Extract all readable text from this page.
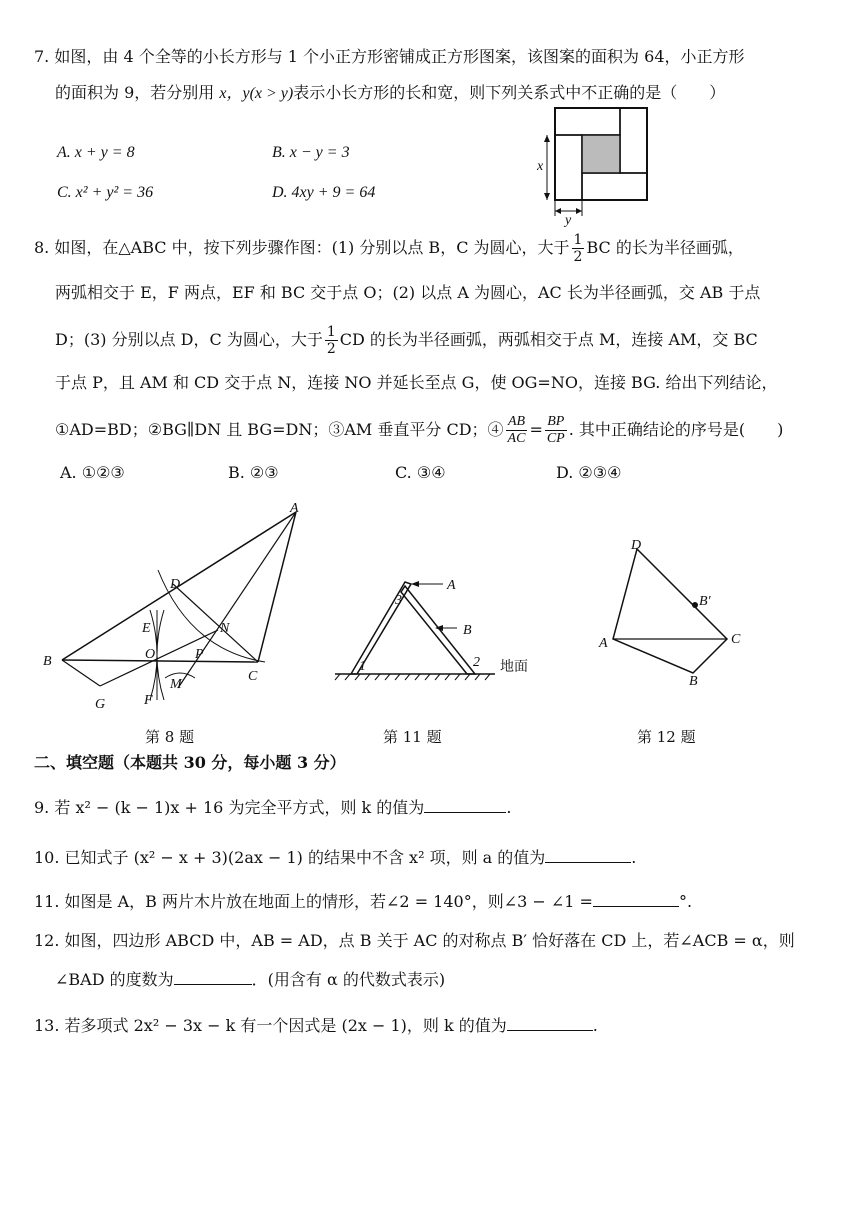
7. 如图，由 4 个全等的小长方形与 1 个小正方形密铺成正方形图案，该图案的面积为 64，小正方形
的面积为 9，若分别用 x，y(x > y)表示小长方形的长和宽，则下列关系式中不正确的是（　　）
A. x + y = 8	B. x − y = 3
C. x² + y² = 36	D. 4xy + 9 = 64
x
y
8. 如图，在△ABC 中，按下列步骤作图：(1) 分别以点 B，C 为圆心，大于 $\frac{1}{2}$ BC 的长为半径画弧，
两弧相交于 E，F 两点，EF 和 BC 交于点 O；(2) 以点 A 为圆心，AC 长为半径画弧，交 AB 于点
D；(3) 分别以点 D，C 为圆心，大于 $\frac{1}{2}$ CD 的长为半径画弧，两弧相交于点 M，连接 AM，交 BC
于点 P，且 AM 和 CD 交于点 N，连接 NO 并延长至点 G，使 OG=NO，连接 BG. 给出下列结论，
①AD=BD；②BG∥DN 且 BG=DN；③AM 垂直平分 CD；④ $\frac{AB}{AC} = \frac{BP}{CP}$ . 其中正确结论的序号是(　　)
A. ①②③	B. ②③	C. ③④	D. ②③④
A
B
C
D
E
F
G
M
N
O	P
第 8 题
A
B
1	2
3
地面
第 11 题
D
B′
A	C
B
第 12 题
二、填空题（本题共 30 分，每小题 3 分）
9. 若 x² − (k − 1)x + 16 为完全平方式，则 k 的值为	.
10. 已知式子 (x² − x + 3)(2ax − 1) 的结果中不含 x² 项，则 a 的值为	.
11. 如图是 A，B 两片木片放在地面上的情形，若∠2 = 140°，则∠3 − ∠1 =	°.
12. 如图，四边形 ABCD 中，AB = AD，点 B 关于 AC 的对称点 B′ 恰好落在 CD 上，若∠ACB = α，则
∠BAD 的度数为	．(用含有 α 的代数式表示)
13. 若多项式 2x² − 3x − k 有一个因式是 (2x − 1)，则 k 的值为	.
